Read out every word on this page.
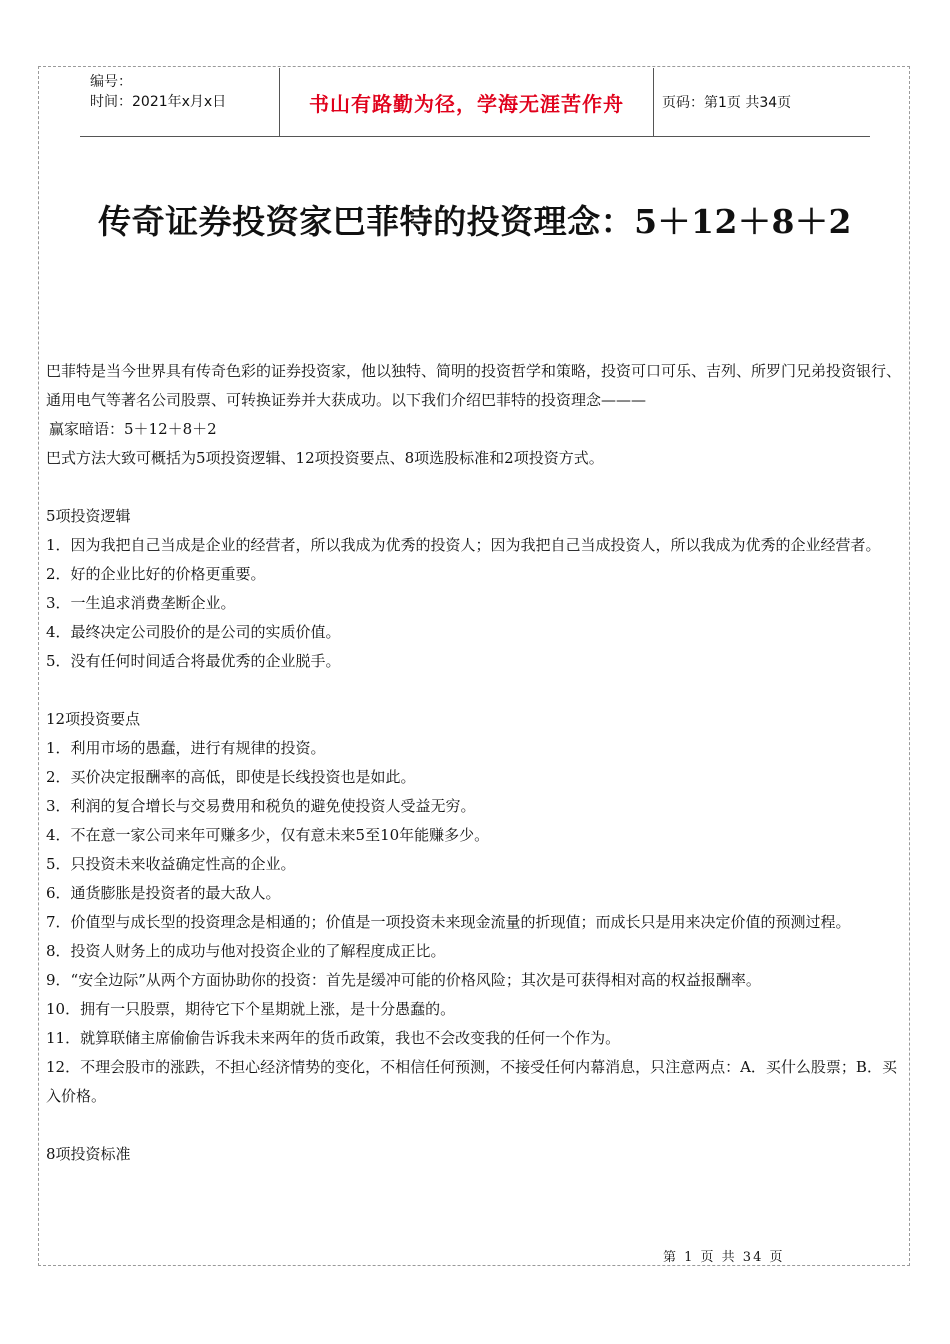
编号：
时间：2021年x月x日	书山有路勤为径，学海无涯苦作舟	页码：第1页 共34页
传奇证券投资家巴菲特的投资理念：5＋12＋8＋2

巴菲特是当今世界具有传奇色彩的证券投资家，他以独特、简明的投资哲学和策略，投资可口可乐、吉列、所罗门兄弟投资银行、通用电气等著名公司股票、可转换证券并大获成功。以下我们介绍巴菲特的投资理念———

赢家暗语：5＋12＋8＋2

巴式方法大致可概括为5项投资逻辑、12项投资要点、8项选股标准和2项投资方式。

5项投资逻辑

1．因为我把自己当成是企业的经营者，所以我成为优秀的投资人；因为我把自己当成投资人，所以我成为优秀的企业经营者。

2．好的企业比好的价格更重要。

3．一生追求消费垄断企业。

4．最终决定公司股价的是公司的实质价值。

5．没有任何时间适合将最优秀的企业脱手。

12项投资要点

1．利用市场的愚蠢，进行有规律的投资。

2．买价决定报酬率的高低，即使是长线投资也是如此。

3．利润的复合增长与交易费用和税负的避免使投资人受益无穷。

4．不在意一家公司来年可赚多少，仅有意未来5至10年能赚多少。

5．只投资未来收益确定性高的企业。

6．通货膨胀是投资者的最大敌人。

7．价值型与成长型的投资理念是相通的；价值是一项投资未来现金流量的折现值；而成长只是用来决定价值的预测过程。

8．投资人财务上的成功与他对投资企业的了解程度成正比。

9．“安全边际”从两个方面协助你的投资：首先是缓冲可能的价格风险；其次是可获得相对高的权益报酬率。

10．拥有一只股票，期待它下个星期就上涨，是十分愚蠢的。

11．就算联储主席偷偷告诉我未来两年的货币政策，我也不会改变我的任何一个作为。

12．不理会股市的涨跌，不担心经济情势的变化，不相信任何预测，不接受任何内幕消息，只注意两点：A．买什么股票；B．买入价格。

8项投资标准

第 1 页 共 34 页
